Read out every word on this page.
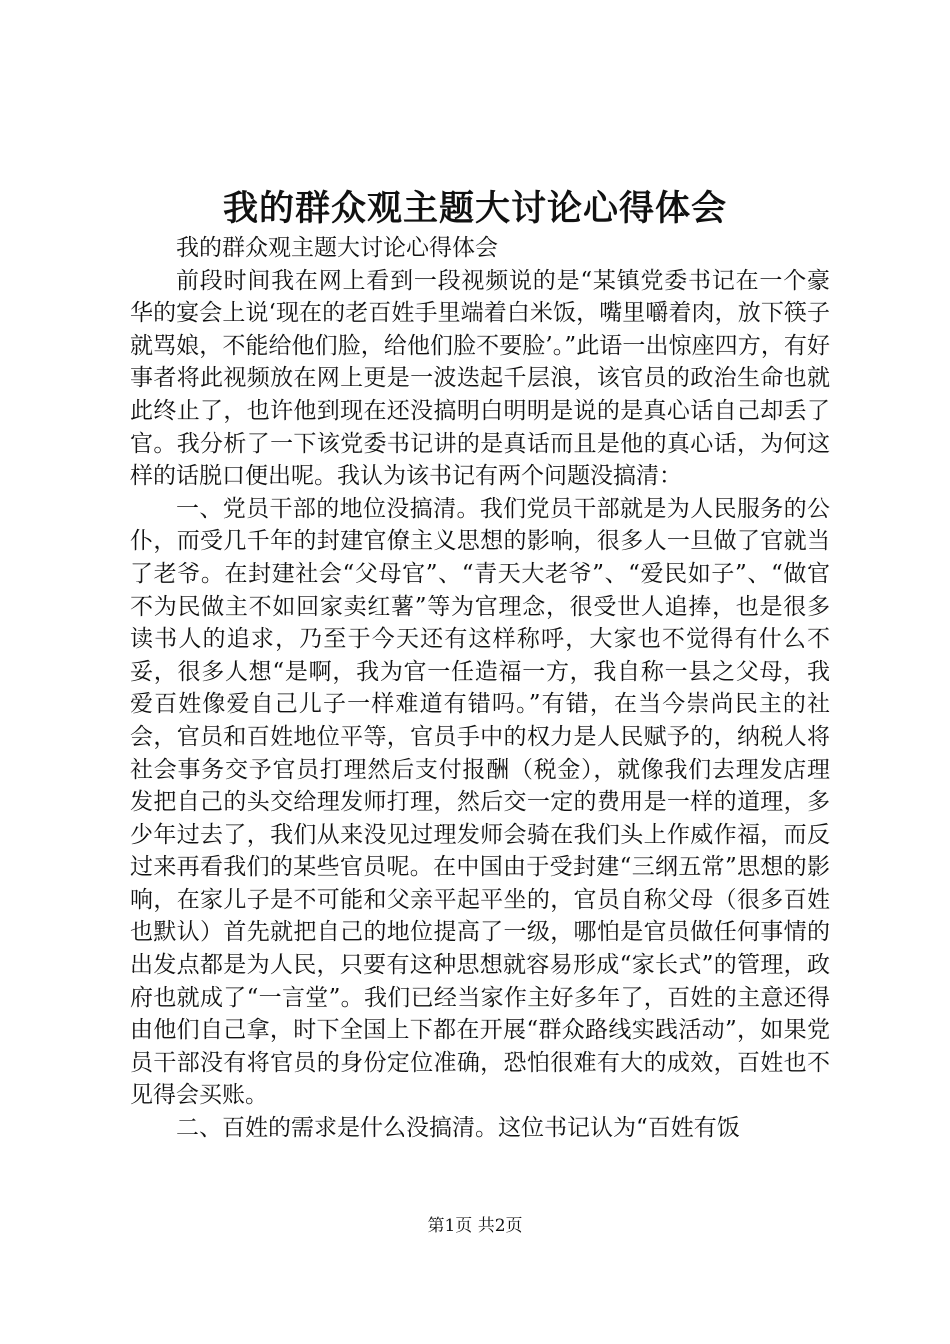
我的群众观主题大讨论心得体会

我的群众观主题大讨论心得体会

前段时间我在网上看到一段视频说的是“某镇党委书记在一个豪华的宴会上说‘现在的老百姓手里端着白米饭，嘴里嚼着肉，放下筷子就骂娘，不能给他们脸，给他们脸不要脸’。”此语一出惊座四方，有好事者将此视频放在网上更是一波迭起千层浪，该官员的政治生命也就此终止了，也许他到现在还没搞明白明明是说的是真心话自己却丢了官。我分析了一下该党委书记讲的是真话而且是他的真心话，为何这样的话脱口便出呢。我认为该书记有两个问题没搞清：

一、党员干部的地位没搞清。我们党员干部就是为人民服务的公仆，而受几千年的封建官僚主义思想的影响，很多人一旦做了官就当了老爷。在封建社会“父母官”、“青天大老爷”、“爱民如子”、“做官不为民做主不如回家卖红薯”等为官理念，很受世人追捧，也是很多读书人的追求，乃至于今天还有这样称呼，大家也不觉得有什么不妥，很多人想“是啊，我为官一任造福一方，我自称一县之父母，我爱百姓像爱自己儿子一样难道有错吗。”有错，在当今崇尚民主的社会，官员和百姓地位平等，官员手中的权力是人民赋予的，纳税人将社会事务交予官员打理然后支付报酬（税金），就像我们去理发店理发把自己的头交给理发师打理，然后交一定的费用是一样的道理，多少年过去了，我们从来没见过理发师会骑在我们头上作威作福，而反过来再看我们的某些官员呢。在中国由于受封建“三纲五常”思想的影响，在家儿子是不可能和父亲平起平坐的，官员自称父母（很多百姓也默认）首先就把自己的地位提高了一级，哪怕是官员做任何事情的出发点都是为人民，只要有这种思想就容易形成“家长式”的管理，政府也就成了“一言堂”。我们已经当家作主好多年了，百姓的主意还得由他们自己拿，时下全国上下都在开展“群众路线实践活动”，如果党员干部没有将官员的身份定位准确，恐怕很难有大的成效，百姓也不见得会买账。

二、百姓的需求是什么没搞清。这位书记认为“百姓有饭

第1页 共2页
